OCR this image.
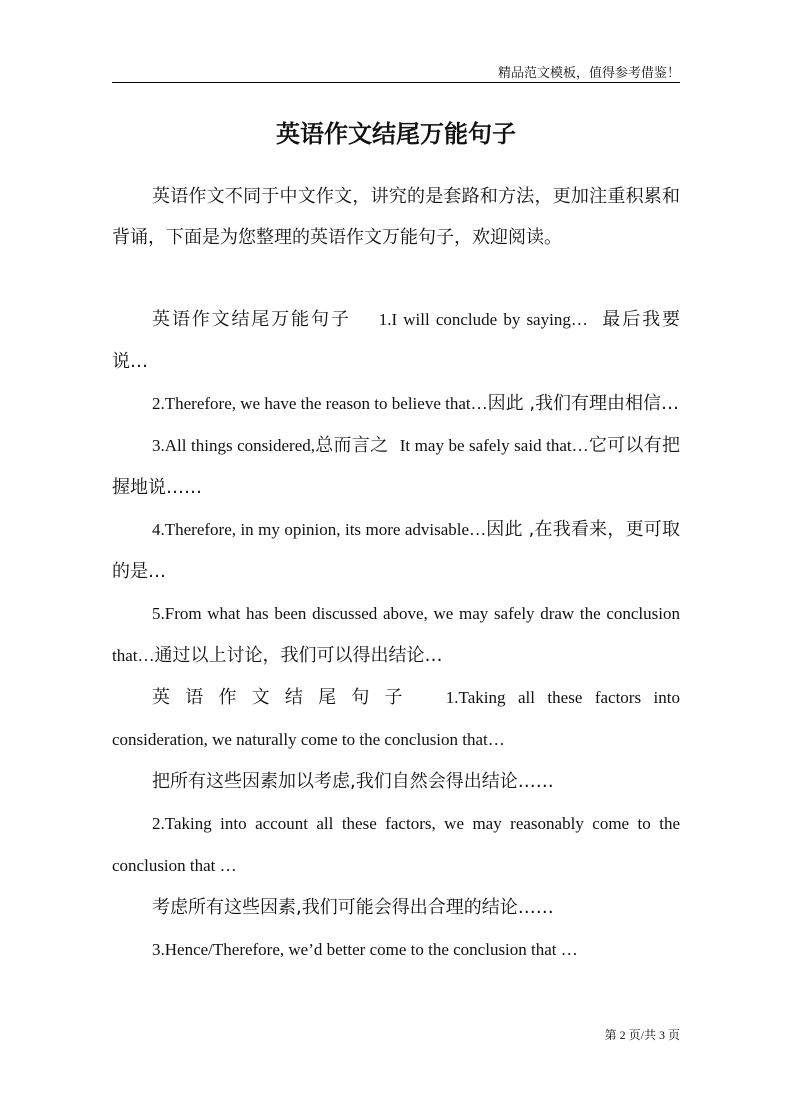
精品范文模板，值得参考借鉴！
英语作文结尾万能句子

英语作文不同于中文作文，讲究的是套路和方法，更加注重积累和背诵，下面是为您整理的英语作文万能句子，欢迎阅读。

英语作文结尾万能句子 1.I will conclude by saying… 最后我要说…

2.Therefore, we have the reason to believe that…因此 ,我们有理由相信…

3.All things considered,总而言之 It may be safely said that…它可以有把握地说……

4.Therefore, in my opinion, its more advisable…因此 ,在我看来，更可取的是…

5.From what has been discussed above, we may safely draw the conclusion that…通过以上讨论，我们可以得出结论…

英语作文结尾句子 1.Taking all these factors into consideration, we naturally come to the conclusion that…

把所有这些因素加以考虑,我们自然会得出结论……

2.Taking into account all these factors, we may reasonably come to the conclusion that …

考虑所有这些因素,我们可能会得出合理的结论……

3.Hence/Therefore, we’d better come to the conclusion that …

第 2 页/共 3 页
